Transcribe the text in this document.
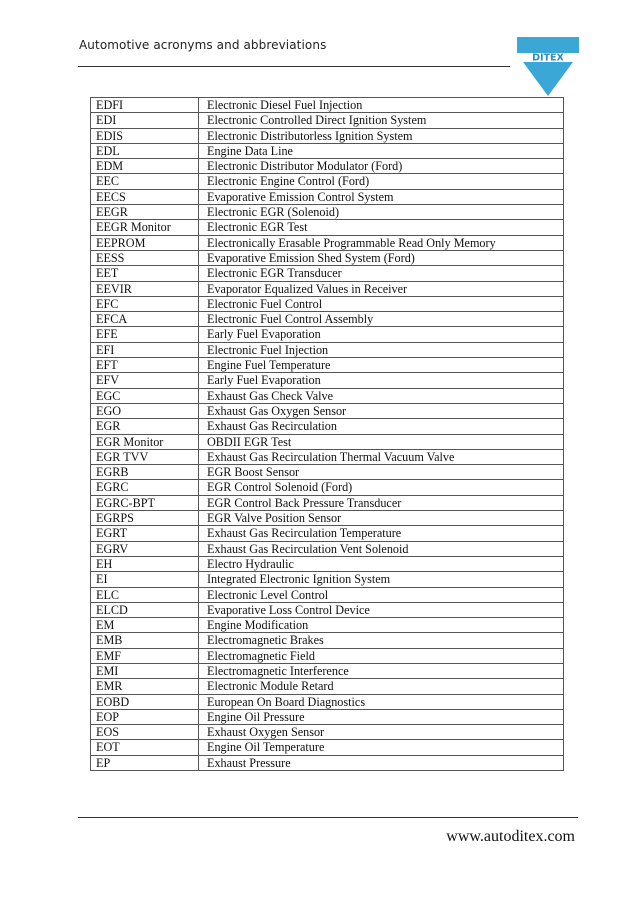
Automotive acronyms and abbreviations
DITEX
EDFI	Electronic Diesel Fuel Injection
EDI	Electronic Controlled Direct Ignition System
EDIS	Electronic Distributorless Ignition System
EDL	Engine Data Line
EDM	Electronic Distributor Modulator (Ford)
EEC	Electronic Engine Control (Ford)
EECS	Evaporative Emission Control System
EEGR	Electronic EGR (Solenoid)
EEGR Monitor	Electronic EGR Test
EEPROM	Electronically Erasable Programmable Read Only Memory
EESS	Evaporative Emission Shed System (Ford)
EET	Electronic EGR Transducer
EEVIR	Evaporator Equalized Values in Receiver
EFC	Electronic Fuel Control
EFCA	Electronic Fuel Control Assembly
EFE	Early Fuel Evaporation
EFI	Electronic Fuel Injection
EFT	Engine Fuel Temperature
EFV	Early Fuel Evaporation
EGC	Exhaust Gas Check Valve
EGO	Exhaust Gas Oxygen Sensor
EGR	Exhaust Gas Recirculation
EGR Monitor	OBDII EGR Test
EGR TVV	Exhaust Gas Recirculation Thermal Vacuum Valve
EGRB	EGR Boost Sensor
EGRC	EGR Control Solenoid (Ford)
EGRC-BPT	EGR Control Back Pressure Transducer
EGRPS	EGR Valve Position Sensor
EGRT	Exhaust Gas Recirculation Temperature
EGRV	Exhaust Gas Recirculation Vent Solenoid
EH	Electro Hydraulic
EI	Integrated Electronic Ignition System
ELC	Electronic Level Control
ELCD	Evaporative Loss Control Device
EM	Engine Modification
EMB	Electromagnetic Brakes
EMF	Electromagnetic Field
EMI	Electromagnetic Interference
EMR	Electronic Module Retard
EOBD	European On Board Diagnostics
EOP	Engine Oil Pressure
EOS	Exhaust Oxygen Sensor
EOT	Engine Oil Temperature
EP	Exhaust Pressure
www.autoditex.com
